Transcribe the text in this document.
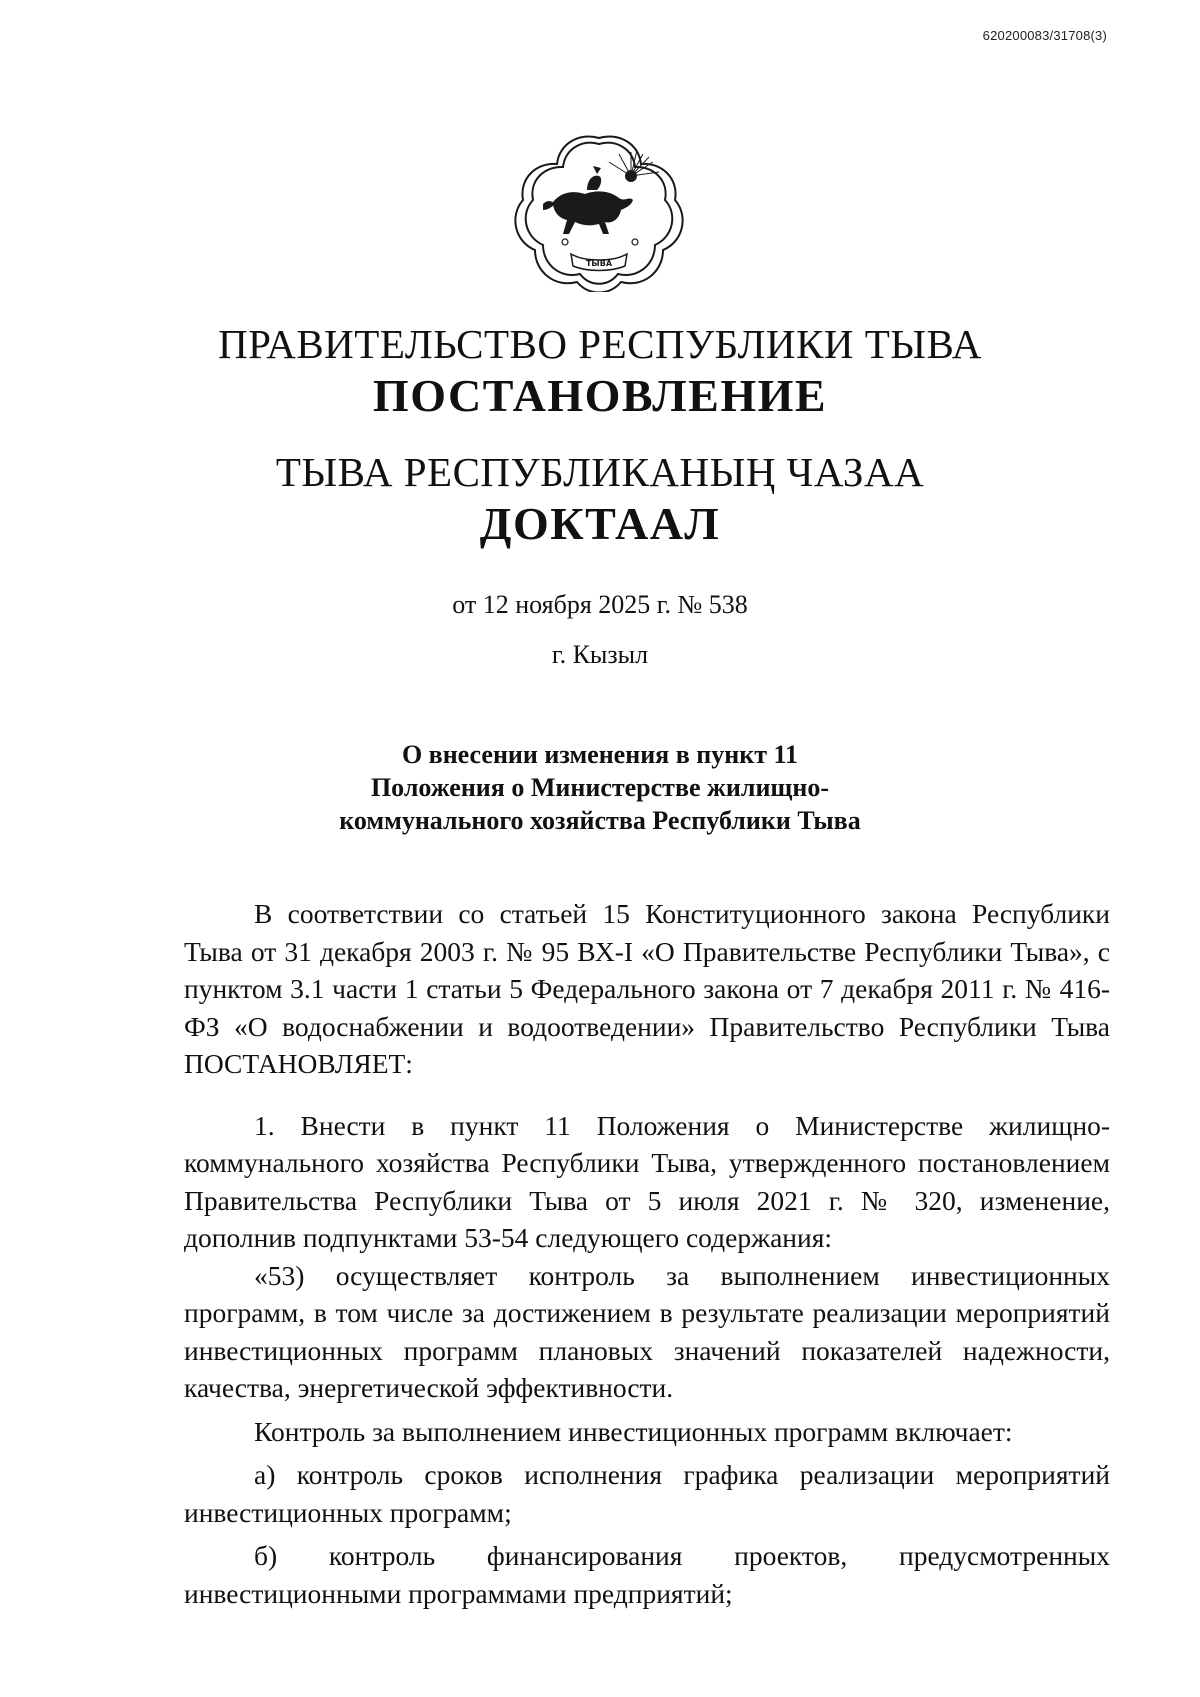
620200083/31708(3)
ТЫВА
ПРАВИТЕЛЬСТВО РЕСПУБЛИКИ ТЫВА
ПОСТАНОВЛЕНИЕ
ТЫВА РЕСПУБЛИКАНЫҢ ЧАЗАА
ДОКТААЛ
от 12 ноября 2025 г. № 538
г. Кызыл
О внесении изменения в пункт 11
Положения о Министерстве жилищно-
коммунального хозяйства Республики Тыва

В соответствии со статьей 15 Конституционного закона Республики Тыва от 31 декабря 2003 г. № 95 ВХ-I «О Правительстве Республики Тыва», с пунктом 3.1 части 1 статьи 5 Федерального закона от 7 декабря 2011 г. № 416-ФЗ «О водоснабжении и водоотведении» Правительство Республики Тыва ПОСТАНОВЛЯЕТ:

1. Внести в пункт 11 Положения о Министерстве жилищно-коммунального хозяйства Республики Тыва, утвержденного постановлением Правительства Республики Тыва от 5 июля 2021 г. № 320, изменение, дополнив подпунктами 53-54 следующего содержания:

«53) осуществляет контроль за выполнением инвестиционных программ, в том числе за достижением в результате реализации мероприятий инвестиционных программ плановых значений показателей надежности, качества, энергетической эффективности.

Контроль за выполнением инвестиционных программ включает:

а) контроль сроков исполнения графика реализации мероприятий инвестиционных программ;

б) контроль финансирования проектов, предусмотренных инвестиционными программами предприятий;
